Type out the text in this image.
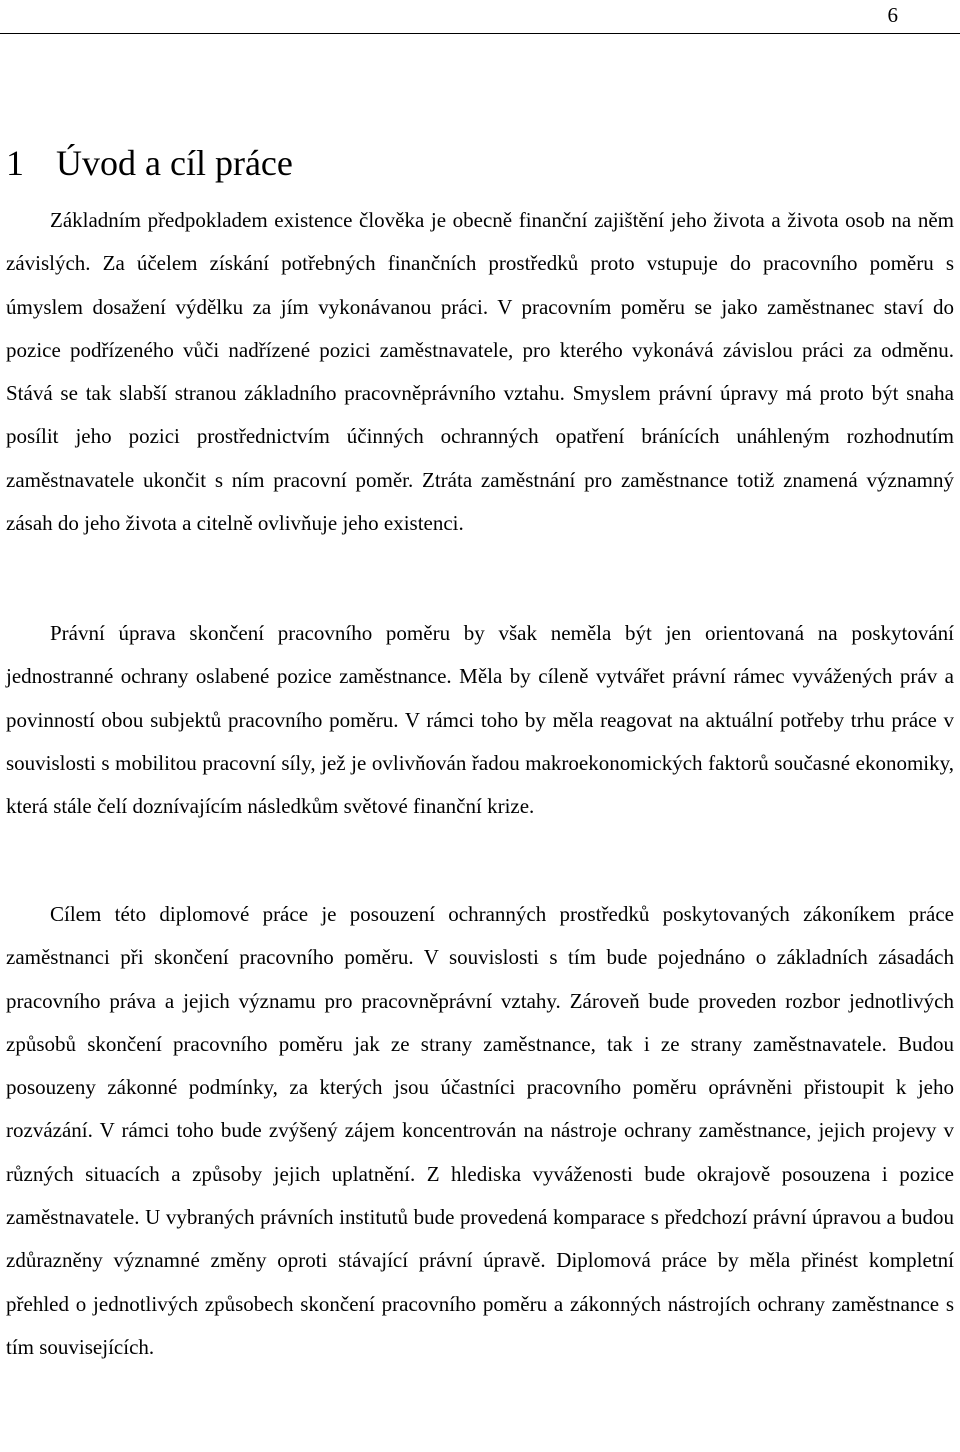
6
1 Úvod a cíl práce

Základním předpokladem existence člověka je obecně finanční zajištění jeho života a života osob na něm závislých. Za účelem získání potřebných finančních prostředků proto vstupuje do pracovního poměru s úmyslem dosažení výdělku za jím vykonávanou práci. V pracovním poměru se jako zaměstnanec staví do pozice podřízeného vůči nadřízené pozici zaměstnavatele, pro kterého vykonává závislou práci za odměnu. Stává se tak slabší stranou základního pracovněprávního vztahu. Smyslem právní úpravy má proto být snaha posílit jeho pozici prostřednictvím účinných ochranných opatření bránících unáhleným rozhodnutím zaměstnavatele ukončit s ním pracovní poměr. Ztráta zaměstnání pro zaměstnance totiž znamená významný zásah do jeho života a citelně ovlivňuje jeho existenci.

Právní úprava skončení pracovního poměru by však neměla být jen orientovaná na poskytování jednostranné ochrany oslabené pozice zaměstnance. Měla by cíleně vytvářet právní rámec vyvážených práv a povinností obou subjektů pracovního poměru. V rámci toho by měla reagovat na aktuální potřeby trhu práce v souvislosti s mobilitou pracovní síly, jež je ovlivňován řadou makroekonomických faktorů současné ekonomiky, která stále čelí doznívajícím následkům světové finanční krize.

Cílem této diplomové práce je posouzení ochranných prostředků poskytovaných zákoníkem práce zaměstnanci při skončení pracovního poměru. V souvislosti s tím bude pojednáno o základních zásadách pracovního práva a jejich významu pro pracovněprávní vztahy. Zároveň bude proveden rozbor jednotlivých způsobů skončení pracovního poměru jak ze strany zaměstnance, tak i ze strany zaměstnavatele. Budou posouzeny zákonné podmínky, za kterých jsou účastníci pracovního poměru oprávněni přistoupit k jeho rozvázání. V rámci toho bude zvýšený zájem koncentrován na nástroje ochrany zaměstnance, jejich projevy v různých situacích a způsoby jejich uplatnění. Z hlediska vyváženosti bude okrajově posouzena i pozice zaměstnavatele. U vybraných právních institutů bude provedená komparace s předchozí právní úpravou a budou zdůrazněny významné změny oproti stávající právní úpravě. Diplomová práce by měla přinést kompletní přehled o jednotlivých způsobech skončení pracovního poměru a zákonných nástrojích ochrany zaměstnance s tím souvisejících.
